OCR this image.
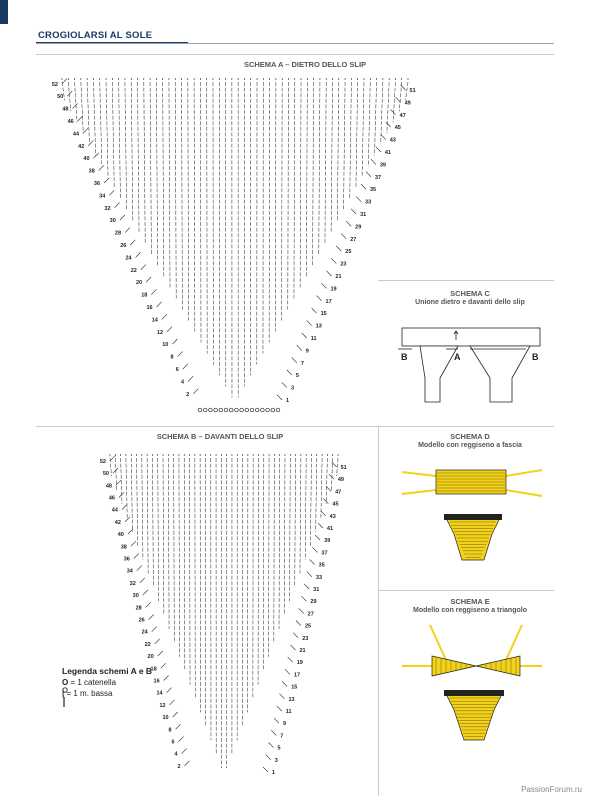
CROGIOLARSI AL SOLE
SCHEMA A – DIETRO DELLO SLIP
SCHEMA B – DAVANTI DELLO SLIP
SCHEMA C
Unione dietro e davanti dello slip
SCHEMA D
Modello con reggiseno a fascia
SCHEMA E
Modello con reggiseno a triangolo
Legenda schemi A e B
O = 1 catenella
| = 1 m. bassa
PassionForum.ru
1
2
3
4
5
6
7
8
9
10
11
12
13
14
15
16
17
18
19
20
21
22
23
24
25
26
27
28
29
30
31
32
33
34
35
36
37
38
39
40
41
42
43
44
45
46
47
48
49
50
51
52
1
2
3
4
5
6
7
8
9
10
11
12
13
14
15
16
17
18
19
20
21
22
23
24
25
26
27
28
29
30
31
32
33
34
35
36
37
38
39
40
41
42
43
44
45
46
47
48
49
50
51
52
B	A	B
